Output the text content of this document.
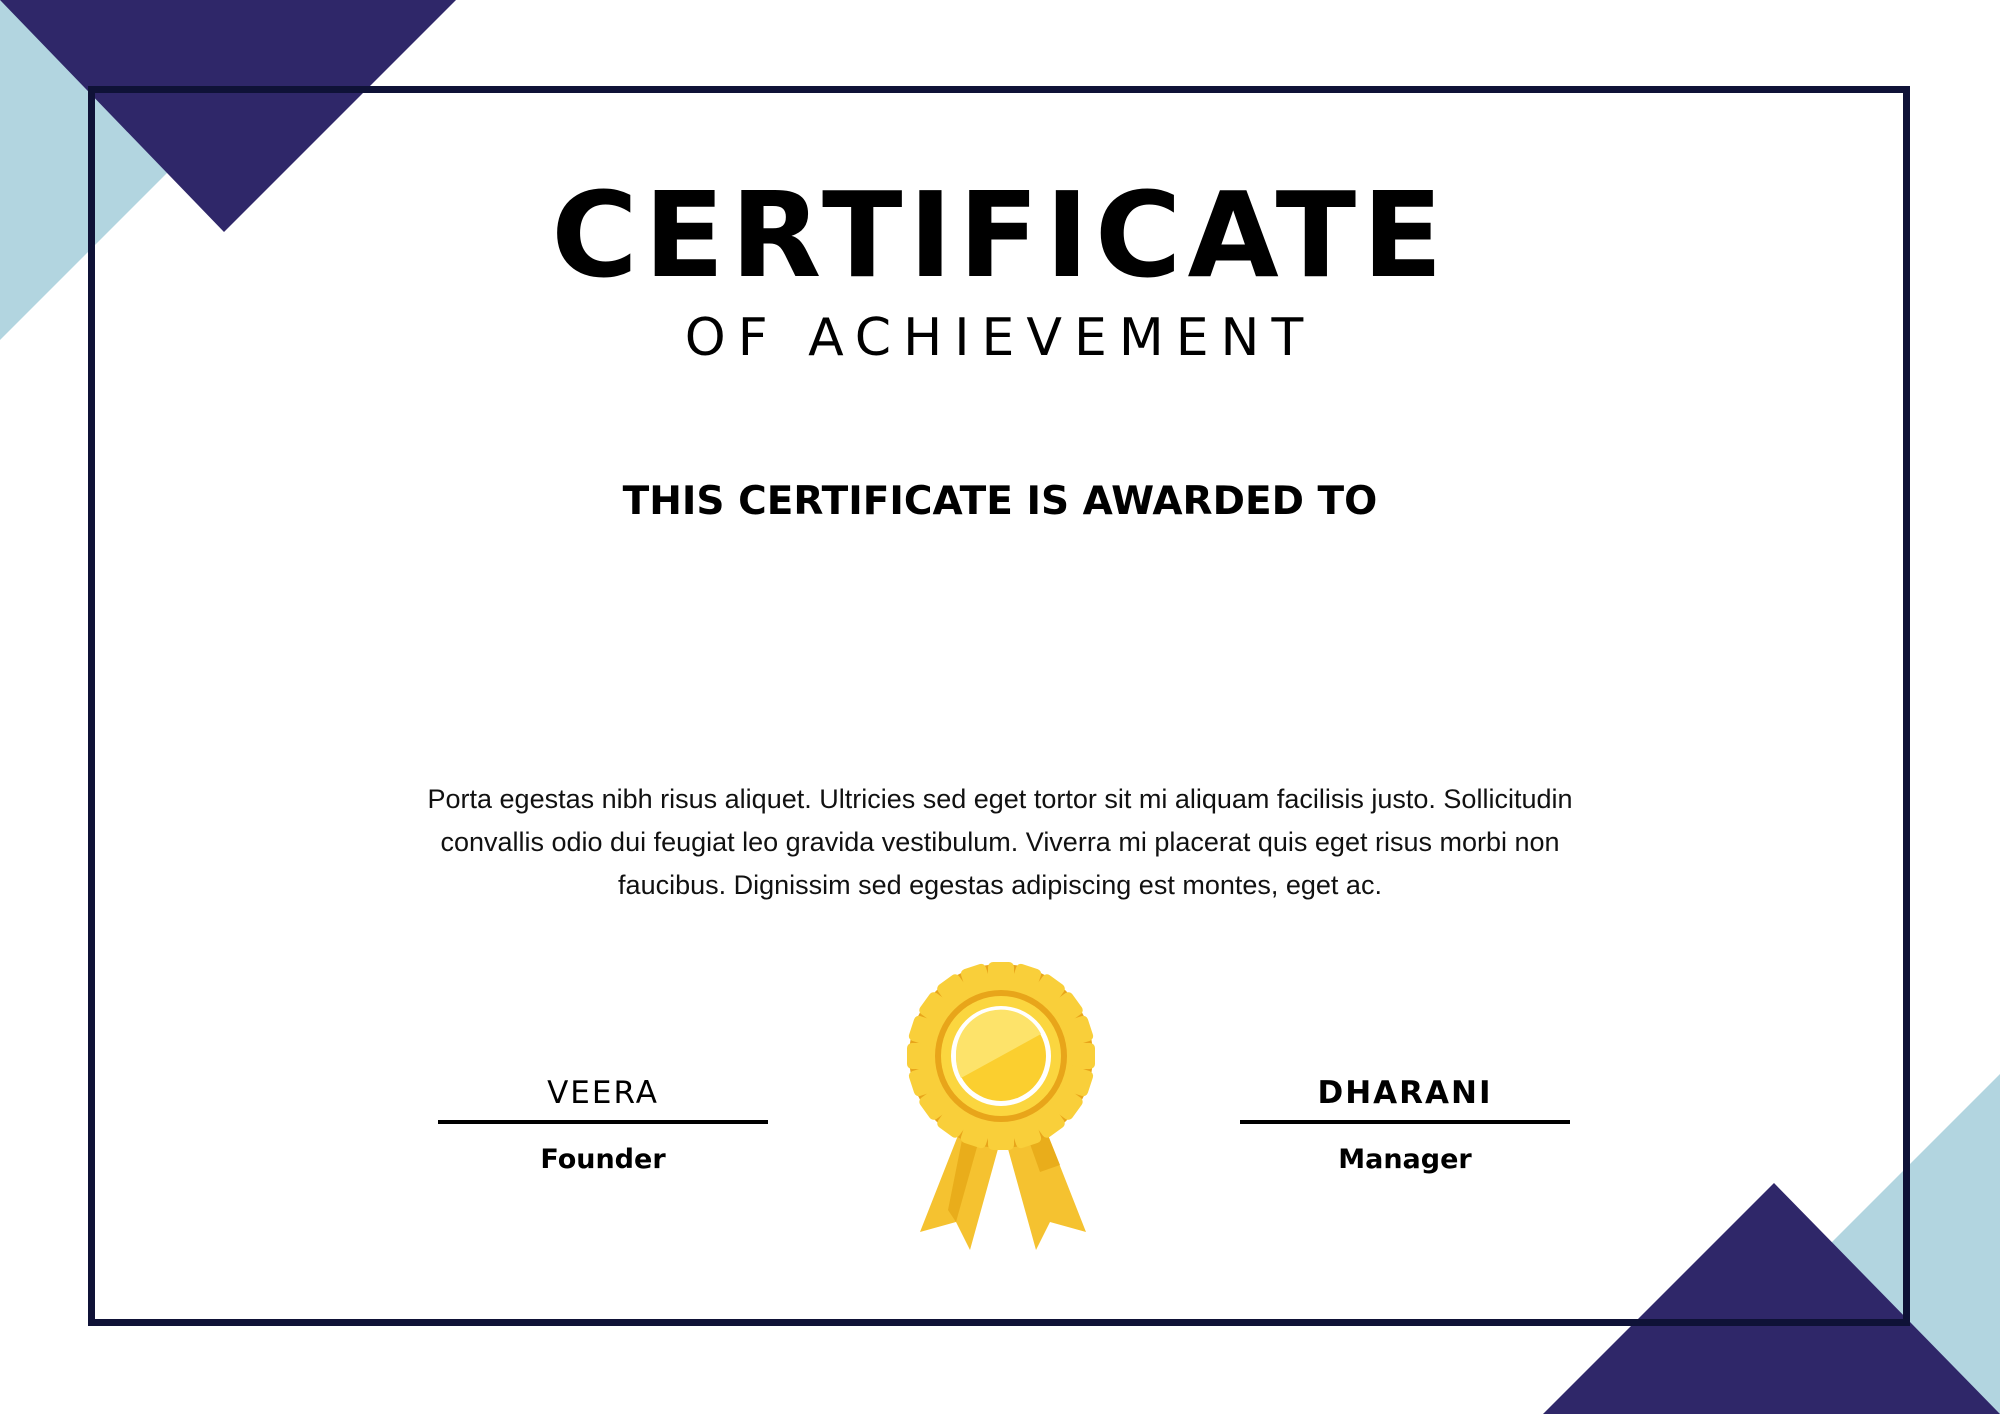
CERTIFICATE
OF ACHIEVEMENT
THIS CERTIFICATE IS AWARDED TO
Porta egestas nibh risus aliquet. Ultricies sed eget tortor sit mi aliquam facilisis justo. Sollicitudin convallis odio dui feugiat leo gravida vestibulum. Viverra mi placerat quis eget risus morbi non faucibus. Dignissim sed egestas adipiscing est montes, eget ac.
VEERA
Founder
DHARANI
Manager
